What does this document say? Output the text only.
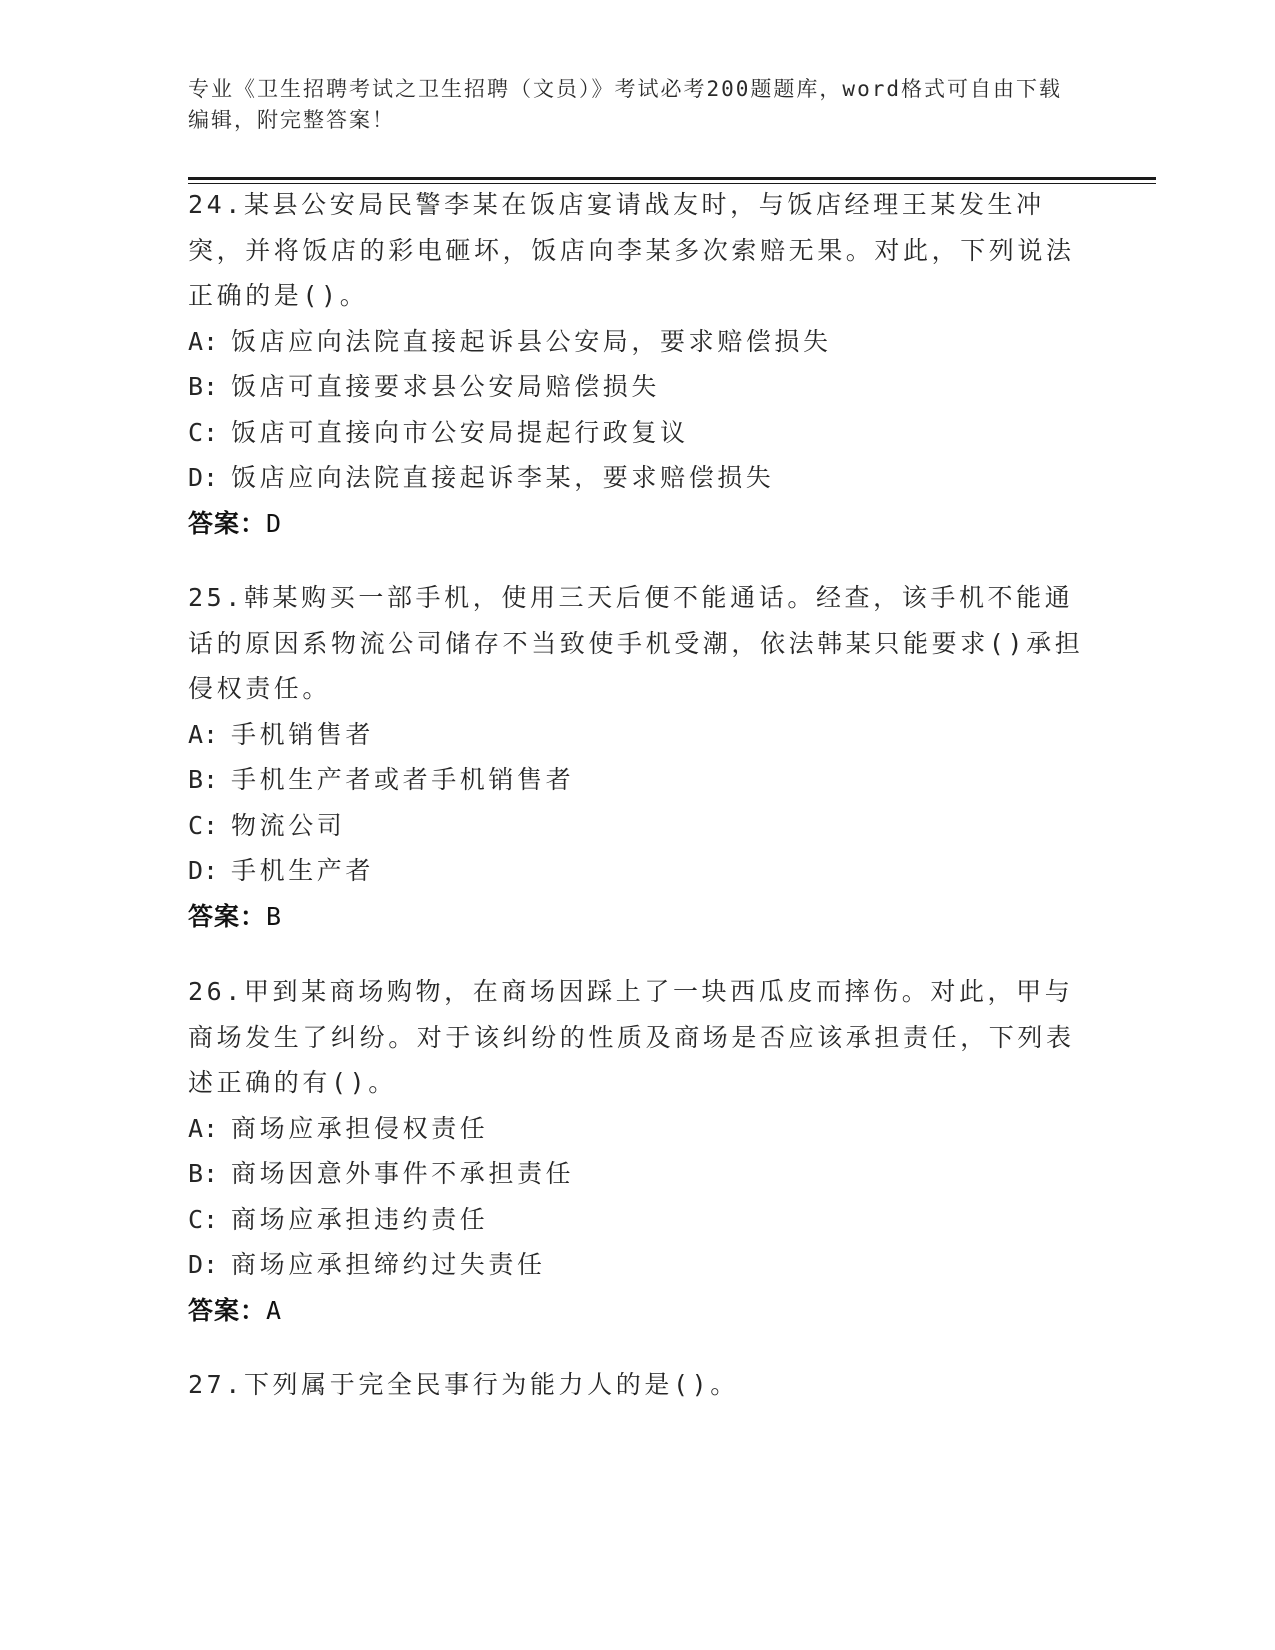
专业《卫生招聘考试之卫生招聘（文员）》考试必考200题题库，word格式可自由下载编辑，附完整答案！

24.某县公安局民警李某在饭店宴请战友时，与饭店经理王某发生冲突，并将饭店的彩电砸坏，饭店向李某多次索赔无果。对此，下列说法正确的是()。

A: 饭店应向法院直接起诉县公安局，要求赔偿损失

B: 饭店可直接要求县公安局赔偿损失

C: 饭店可直接向市公安局提起行政复议

D: 饭店应向法院直接起诉李某，要求赔偿损失

答案：D

25.韩某购买一部手机，使用三天后便不能通话。经查，该手机不能通话的原因系物流公司储存不当致使手机受潮，依法韩某只能要求()承担侵权责任。

A: 手机销售者

B: 手机生产者或者手机销售者

C: 物流公司

D: 手机生产者

答案：B

26.甲到某商场购物，在商场因踩上了一块西瓜皮而摔伤。对此，甲与商场发生了纠纷。对于该纠纷的性质及商场是否应该承担责任，下列表述正确的有()。

A: 商场应承担侵权责任

B: 商场因意外事件不承担责任

C: 商场应承担违约责任

D: 商场应承担缔约过失责任

答案：A

27.下列属于完全民事行为能力人的是()。
